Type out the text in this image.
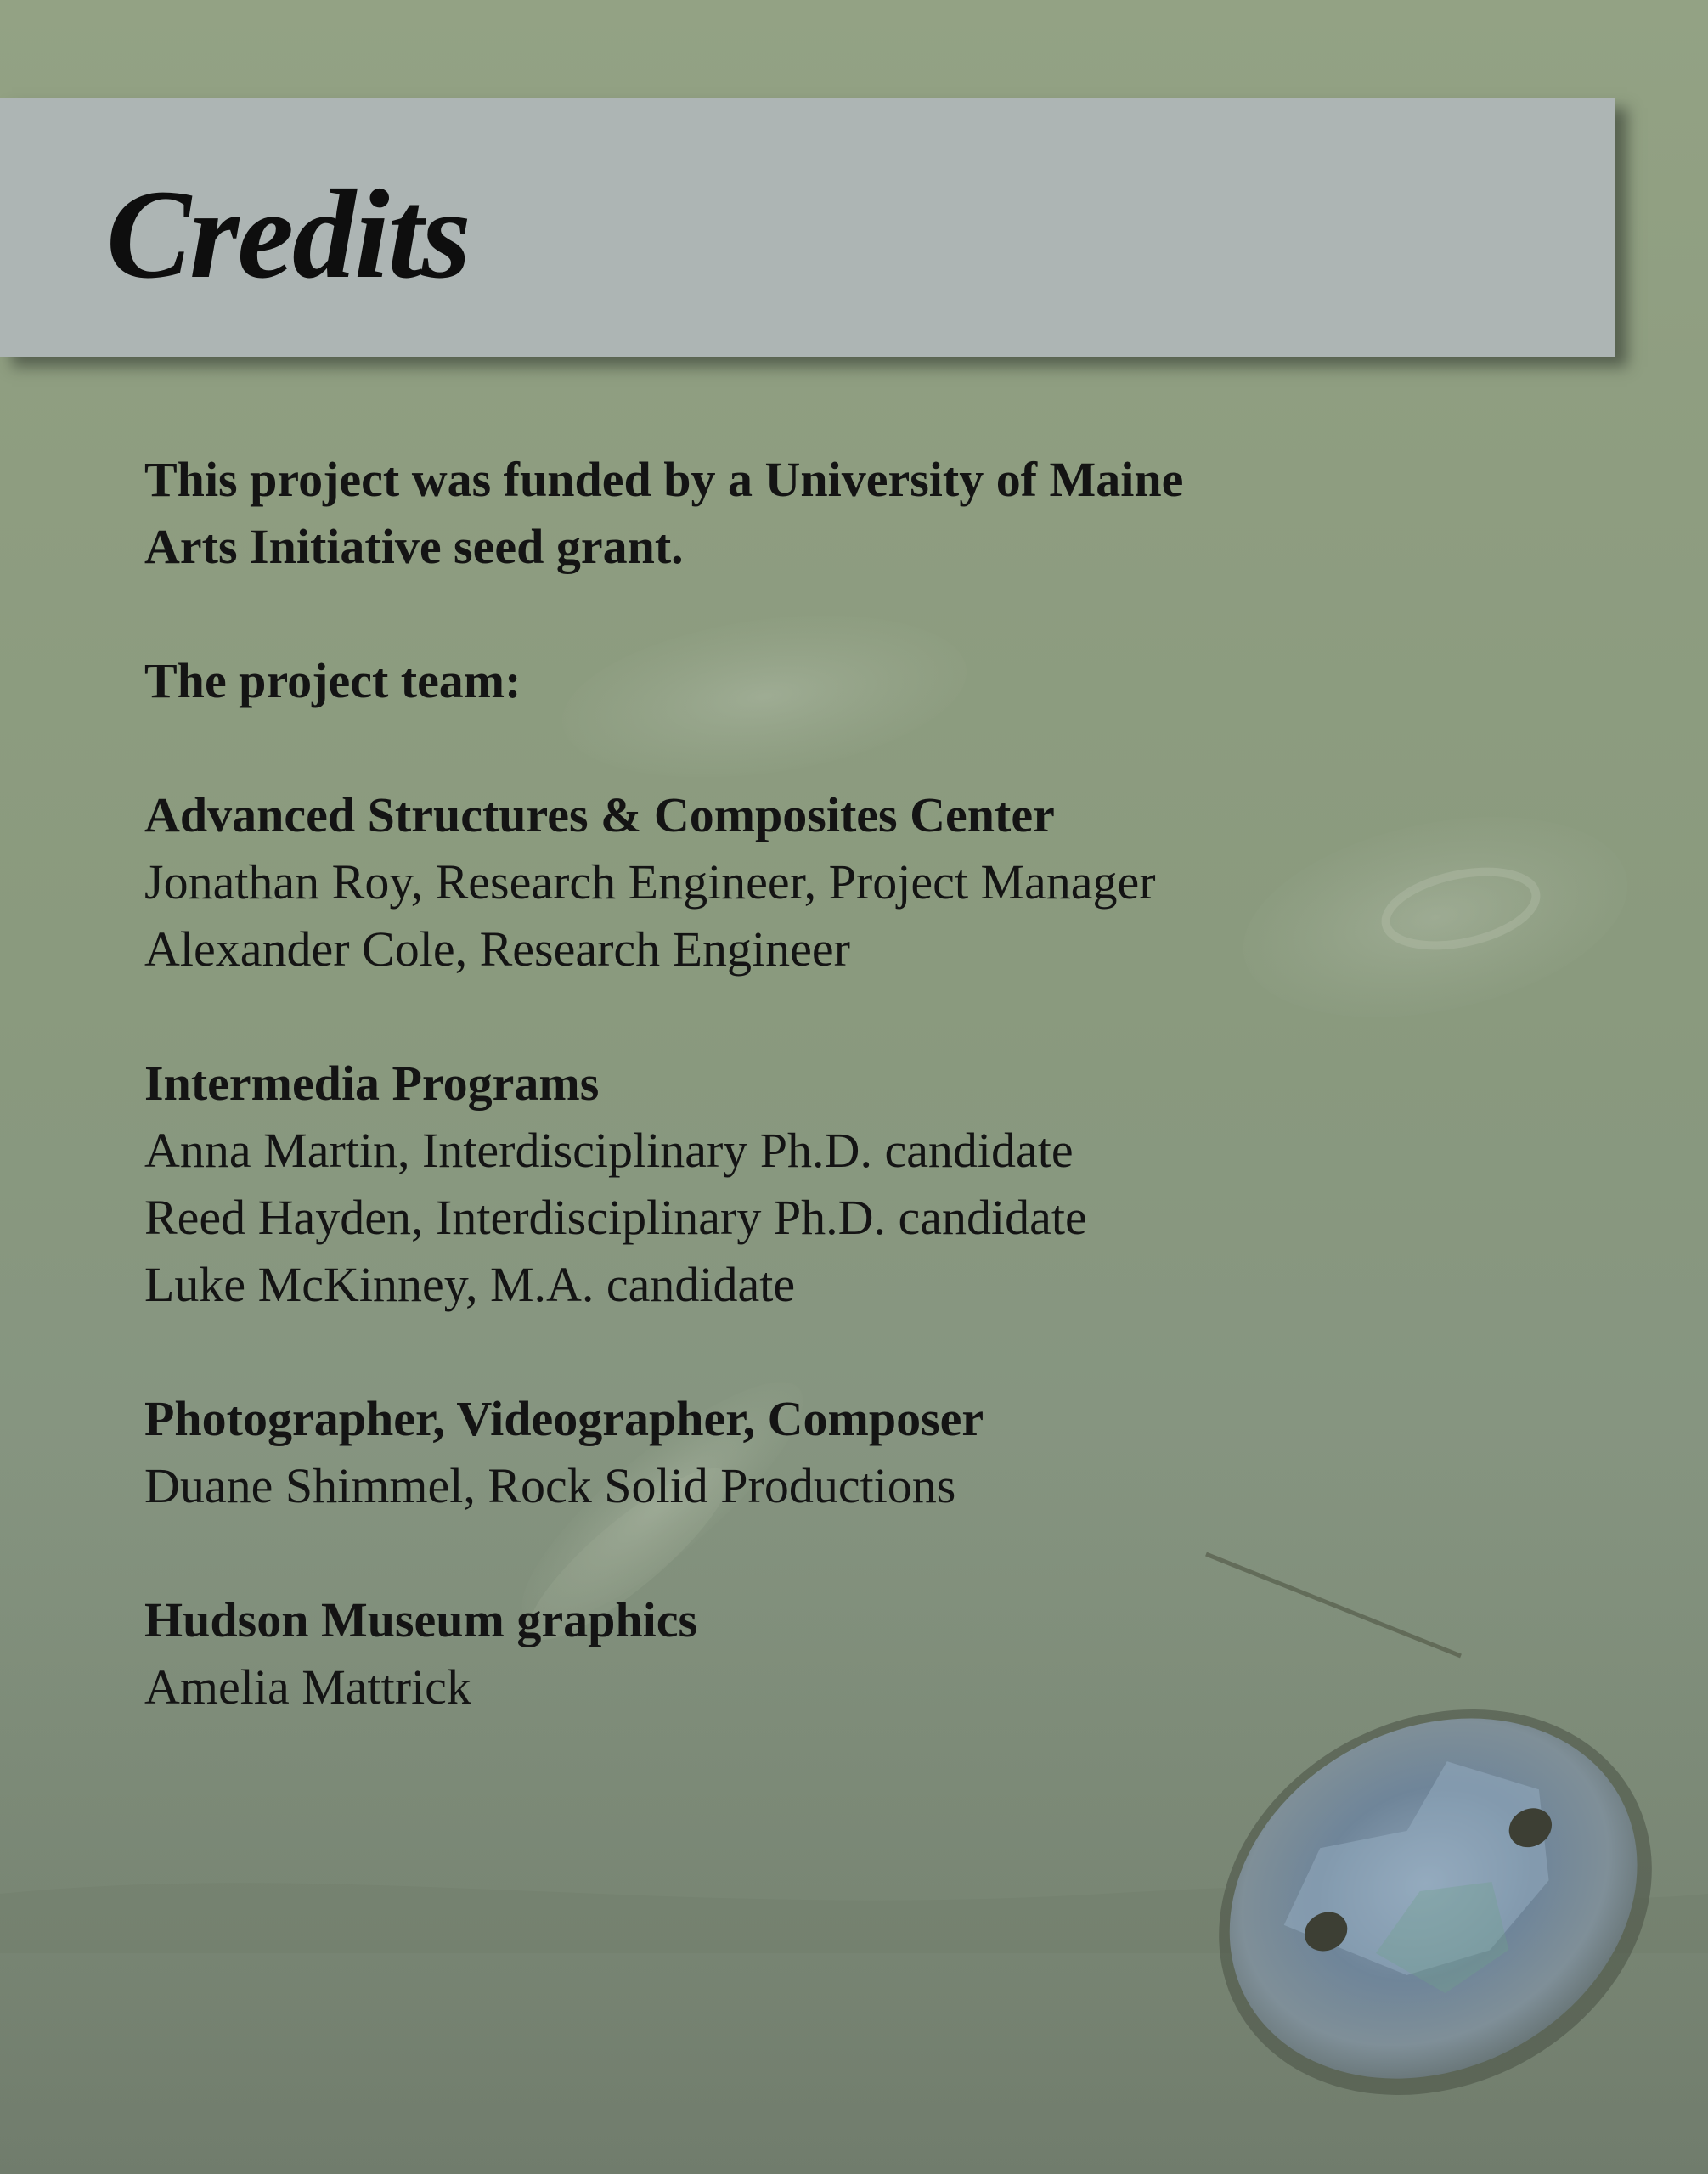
Credits
This project was funded by a University of Maine
Arts Initiative seed grant.
The project team:
Advanced Structures & Composites Center
Jonathan Roy, Research Engineer, Project Manager
Alexander Cole, Research Engineer
Intermedia Programs
Anna Martin, Interdisciplinary Ph.D. candidate
Reed Hayden, Interdisciplinary Ph.D. candidate
Luke McKinney, M.A. candidate
Photographer, Videographer, Composer
Duane Shimmel, Rock Solid Productions
Hudson Museum graphics
Amelia Mattrick
